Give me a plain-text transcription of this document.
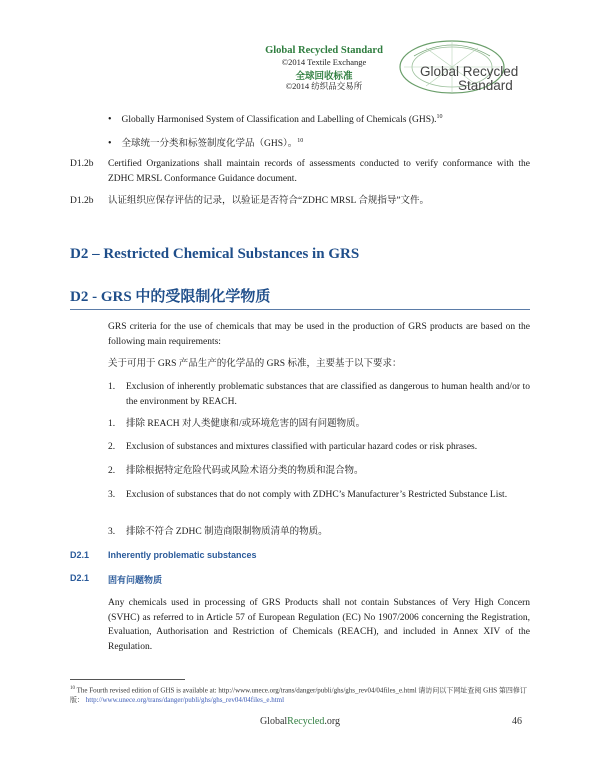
Global Recycled Standard
©2014 Textile Exchange
全球回收标准
©2014 纺织品交易所
Global Recycled
Standard
• Globally Harmonised System of Classification and Labelling of Chemicals (GHS).$^{10}$
• 全球统一分类和标签制度化学品（GHS）。$^{10}$
D1.2b Certified Organizations shall maintain records of assessments conducted to verify conformance with the ZDHC MRSL Conformance Guidance document.
D1.2b 认证组织应保存评估的记录，以验证是否符合“ZDHC MRSL 合规指导”文件。
D2 – Restricted Chemical Substances in GRS
D2 - GRS 中的受限制化学物质
GRS criteria for the use of chemicals that may be used in the production of GRS products are based on the following main requirements:
关于可用于 GRS 产品生产的化学品的 GRS 标准，主要基于以下要求：
1. Exclusion of inherently problematic substances that are classified as dangerous to human health and/or to the environment by REACH.
1. 排除 REACH 对人类健康和/或环境危害的固有问题物质。
2. Exclusion of substances and mixtures classified with particular hazard codes or risk phrases.
2. 排除根据特定危险代码或风险术语分类的物质和混合物。
3. Exclusion of substances that do not comply with ZDHC’s Manufacturer’s Restricted Substance List.
3. 排除不符合 ZDHC 制造商限制物质清单的物质。
D2.1 Inherently problematic substances
D2.1 固有问题物质
Any chemicals used in processing of GRS Products shall not contain Substances of Very High Concern (SVHC) as referred to in Article 57 of European Regulation (EC) No 1907/2006 concerning the Registration, Evaluation, Authorisation and Restriction of Chemicals (REACH), and included in Annex XIV of the Regulation.
$^{10}$ The Fourth revised edition of GHS is available at: http://www.unece.org/trans/danger/publi/ghs/ghs_rev04/04files_e.html 请访问以下网址查阅 GHS 第四修订版： http://www.unece.org/trans/danger/publi/ghs/ghs_rev04/04files_e.html
GlobalRecycled.org	46
